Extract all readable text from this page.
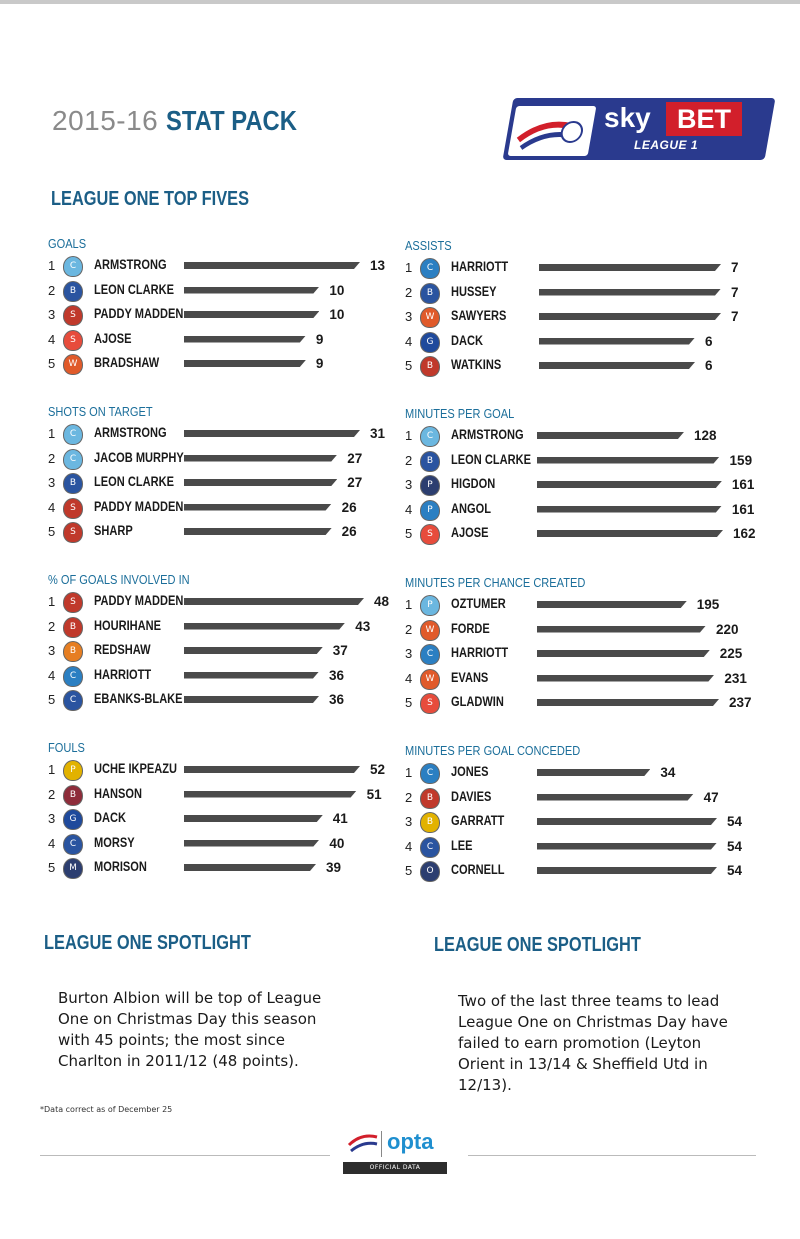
2015-16 STAT PACK	sky BET
LEAGUE 1
LEAGUE ONE TOP FIVES
GOALS
1	C	ARMSTRONG	13
2	B	LEON CLARKE	10
3	S	PADDY MADDEN	10
4	S	AJOSE	9
5	W	BRADSHAW	9
ASSISTS
1	C	HARRIOTT	7
2	B	HUSSEY	7
3	W	SAWYERS	7
4	G	DACK	6
5	B	WATKINS	6
SHOTS ON TARGET
1	C	ARMSTRONG	31
2	C	JACOB MURPHY	27
3	B	LEON CLARKE	27
4	S	PADDY MADDEN	26
5	S	SHARP	26
MINUTES PER GOAL
1	C	ARMSTRONG	128
2	B	LEON CLARKE	159
3	P	HIGDON	161
4	P	ANGOL	161
5	S	AJOSE	162
% OF GOALS INVOLVED IN
1	S	PADDY MADDEN	48
2	B	HOURIHANE	43
3	B	REDSHAW	37
4	C	HARRIOTT	36
5	C	EBANKS-BLAKE	36
MINUTES PER CHANCE CREATED
1	P	OZTUMER	195
2	W	FORDE	220
3	C	HARRIOTT	225
4	W	EVANS	231
5	S	GLADWIN	237
FOULS
1	P	UCHE IKPEAZU	52
2	B	HANSON	51
3	G	DACK	41
4	C	MORSY	40
5	M	MORISON	39
MINUTES PER GOAL CONCEDED
1	C	JONES	34
2	B	DAVIES	47
3	B	GARRATT	54
4	C	LEE	54
5	O	CORNELL	54
LEAGUE ONE SPOTLIGHT
Burton Albion will be top of League
One on Christmas Day this season
with 45 points; the most since
Charlton in 2011/12 (48 points).
LEAGUE ONE SPOTLIGHT
Two of the last three teams to lead
League One on Christmas Day have
failed to earn promotion (Leyton
Orient in 13/14 & Sheffield Utd in
12/13).
*Data correct as of December 25
opta
OFFICIAL DATA
